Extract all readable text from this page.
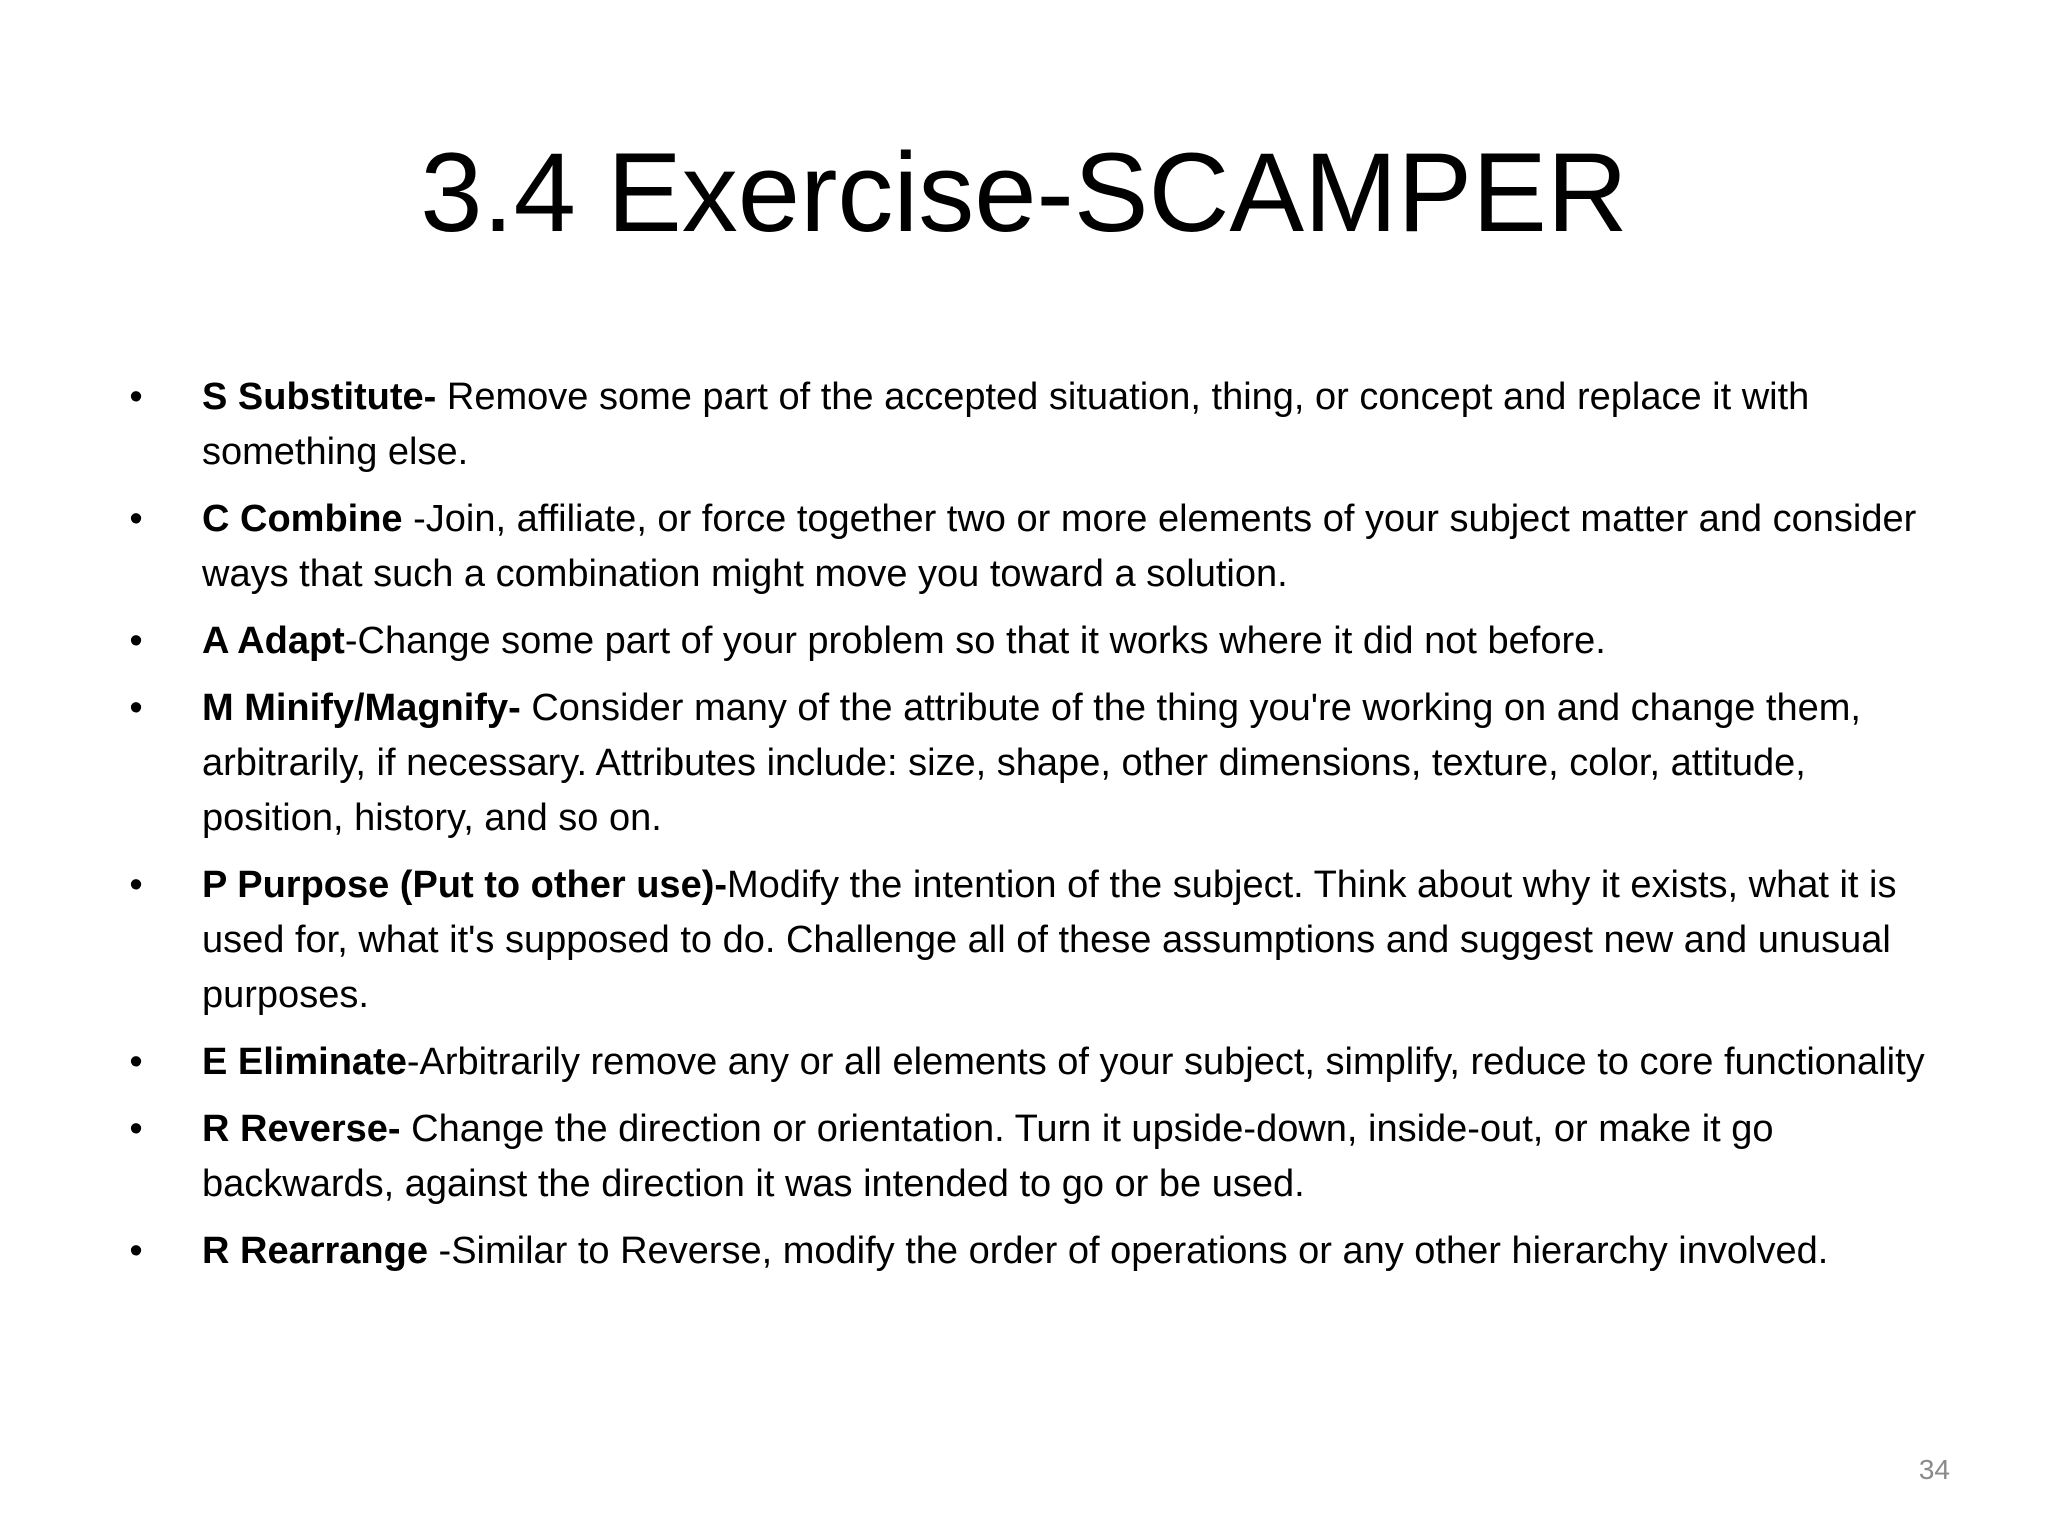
3.4 Exercise-SCAMPER
• S Substitute- Remove some part of the accepted situation, thing, or concept and replace it with something else.
• C Combine -Join, affiliate, or force together two or more elements of your subject matter and consider ways that such a combination might move you toward a solution.
• A Adapt-Change some part of your problem so that it works where it did not before.
• M Minify/Magnify- Consider many of the attribute of the thing you're working on and change them, arbitrarily, if necessary. Attributes include: size, shape, other dimensions, texture, color, attitude, position, history, and so on.
• P Purpose (Put to other use)-Modify the intention of the subject. Think about why it exists, what it is used for, what it's supposed to do. Challenge all of these assumptions and suggest new and unusual purposes.
• E Eliminate-Arbitrarily remove any or all elements of your subject, simplify, reduce to core functionality
• R Reverse- Change the direction or orientation. Turn it upside-down, inside-out, or make it go backwards, against the direction it was intended to go or be used.
• R Rearrange -Similar to Reverse, modify the order of operations or any other hierarchy involved.
34
